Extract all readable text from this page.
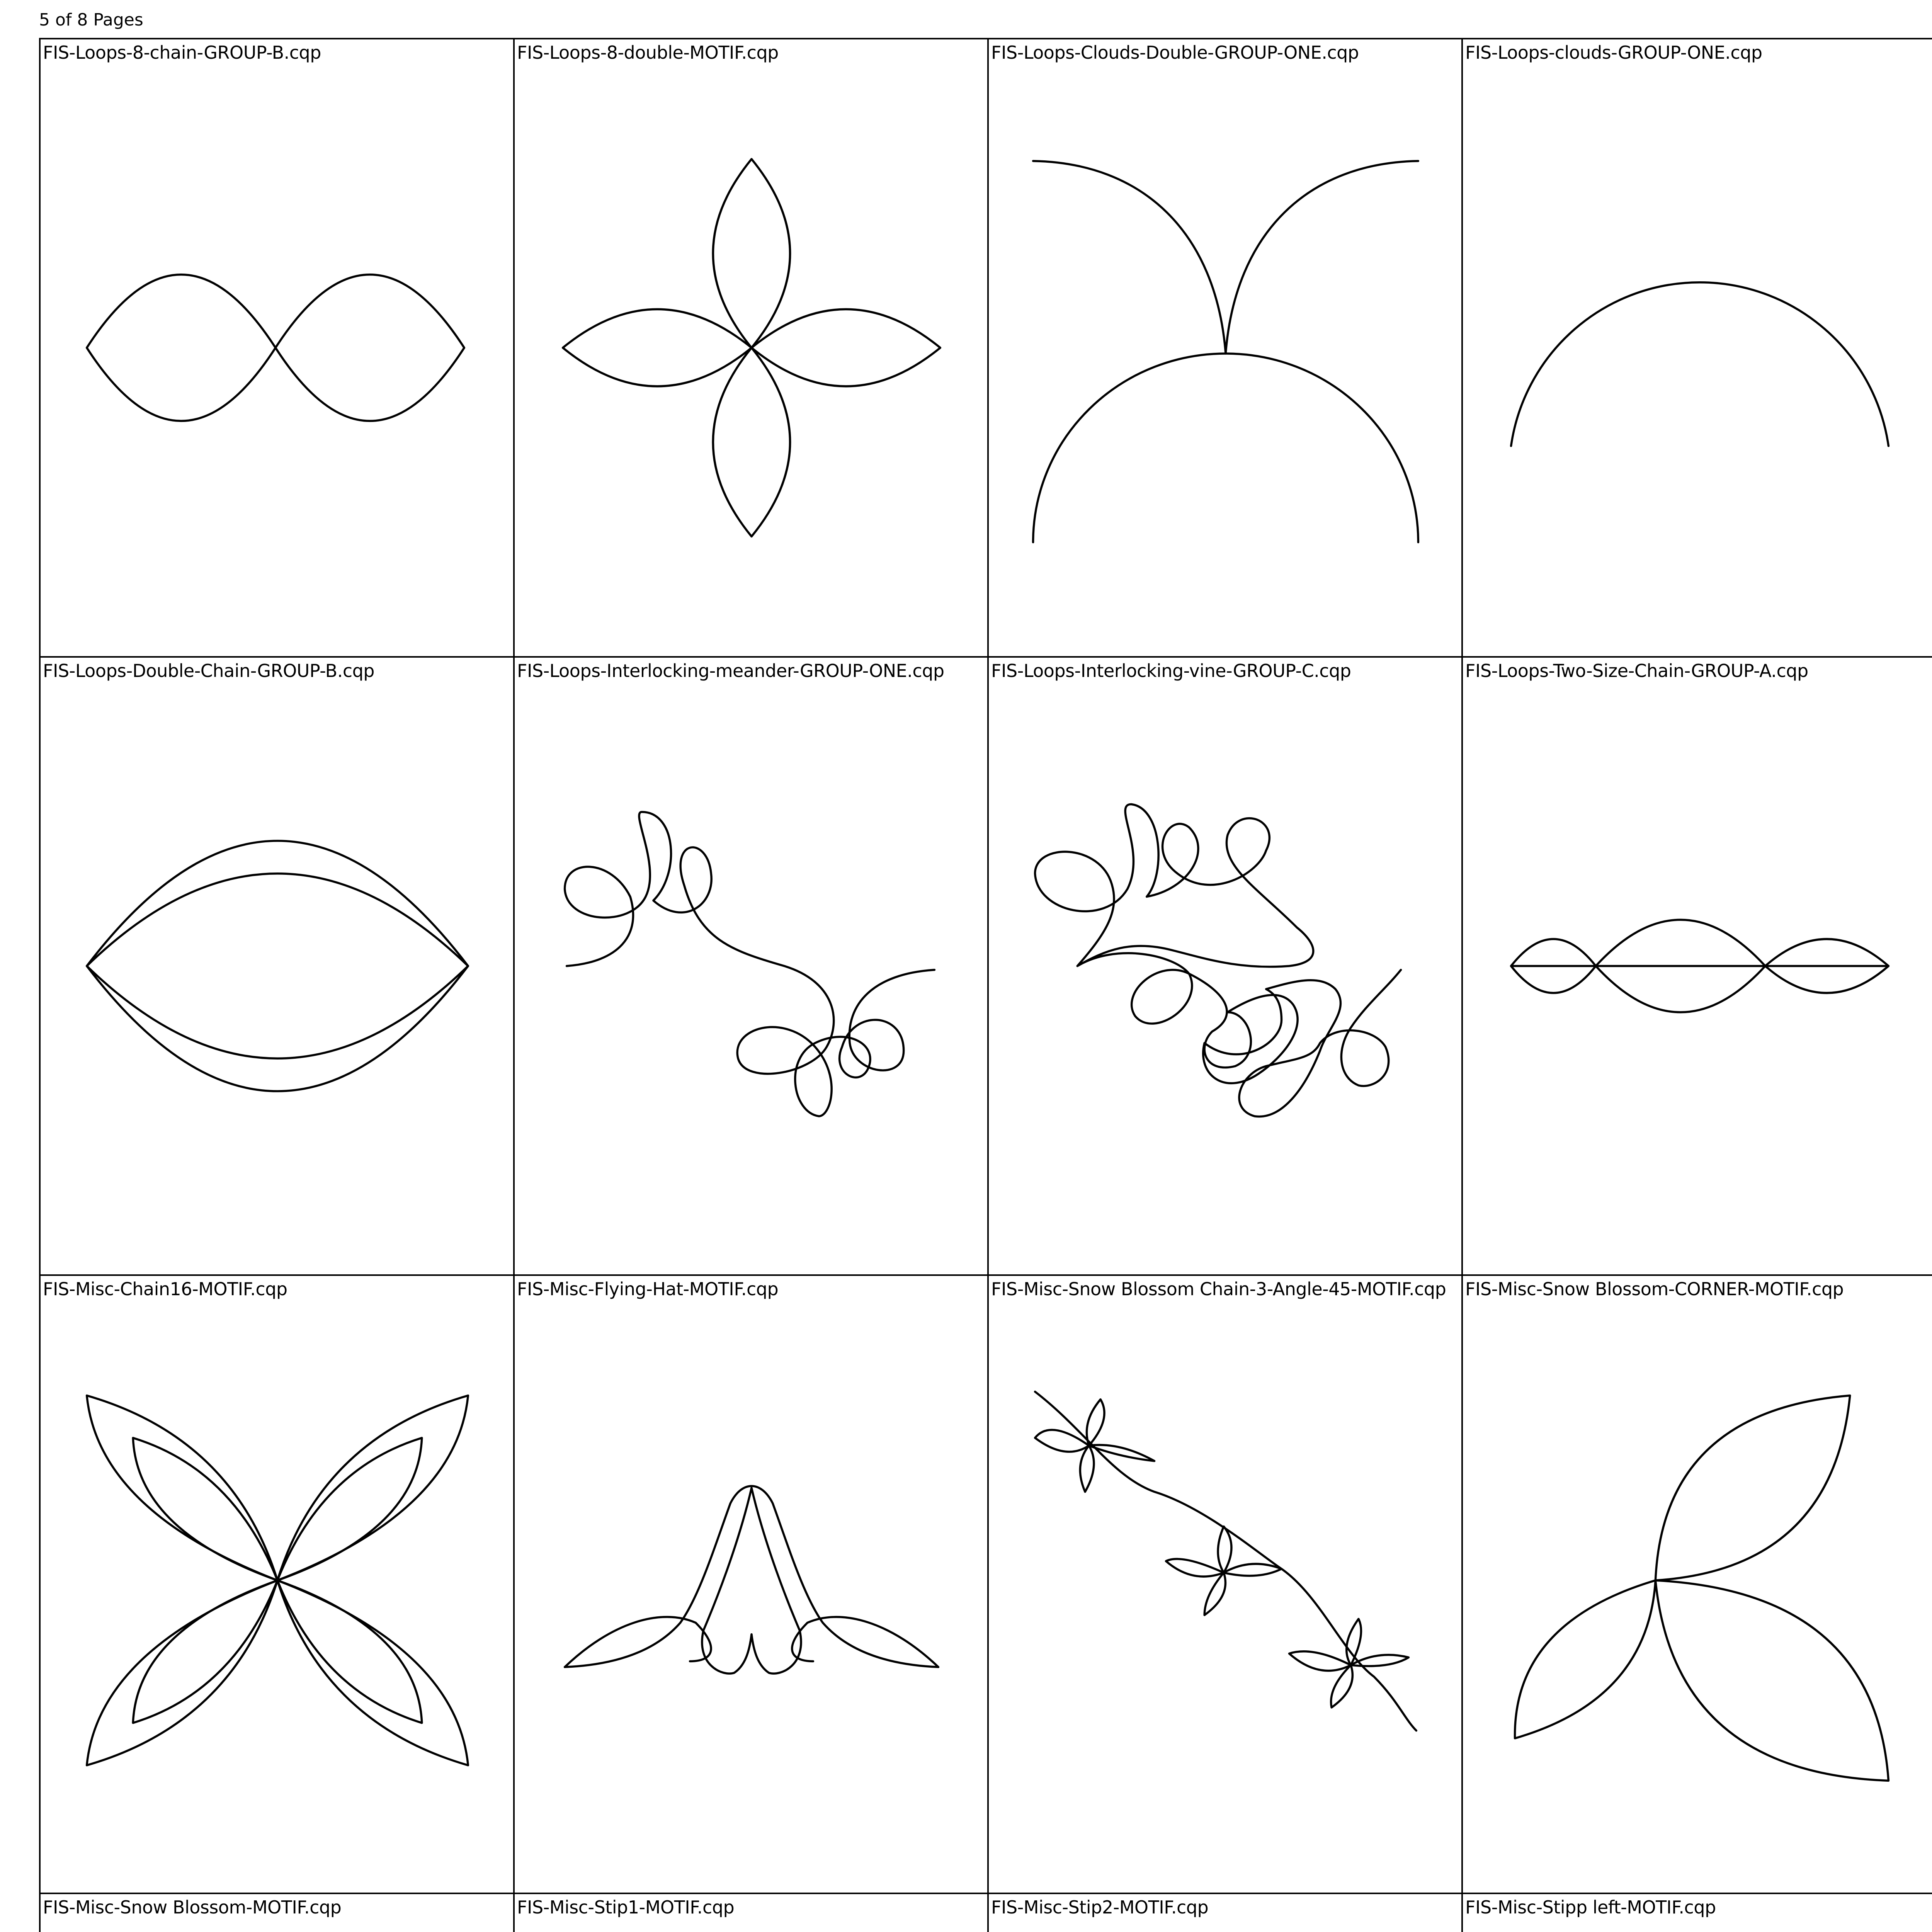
5 of 8 Pages
FIS-Loops-8-chain-GROUP-B.cqp	FIS-Loops-8-double-MOTIF.cqp	FIS-Loops-Clouds-Double-GROUP-ONE.cqp	FIS-Loops-clouds-GROUP-ONE.cqp
FIS-Loops-Double-Chain-GROUP-B.cqp	FIS-Loops-Interlocking-meander-GROUP-ONE.cqp	FIS-Loops-Interlocking-vine-GROUP-C.cqp	FIS-Loops-Two-Size-Chain-GROUP-A.cqp
FIS-Misc-Chain16-MOTIF.cqp	FIS-Misc-Flying-Hat-MOTIF.cqp	FIS-Misc-Snow Blossom Chain-3-Angle-45-MOTIF.cqp FIS-Misc-Snow Blossom-CORNER-MOTIF.cqp
FIS-Misc-Snow Blossom-MOTIF.cqp	FIS-Misc-Stip1-MOTIF.cqp	FIS-Misc-Stip2-MOTIF.cqp	FIS-Misc-Stipp left-MOTIF.cqp
